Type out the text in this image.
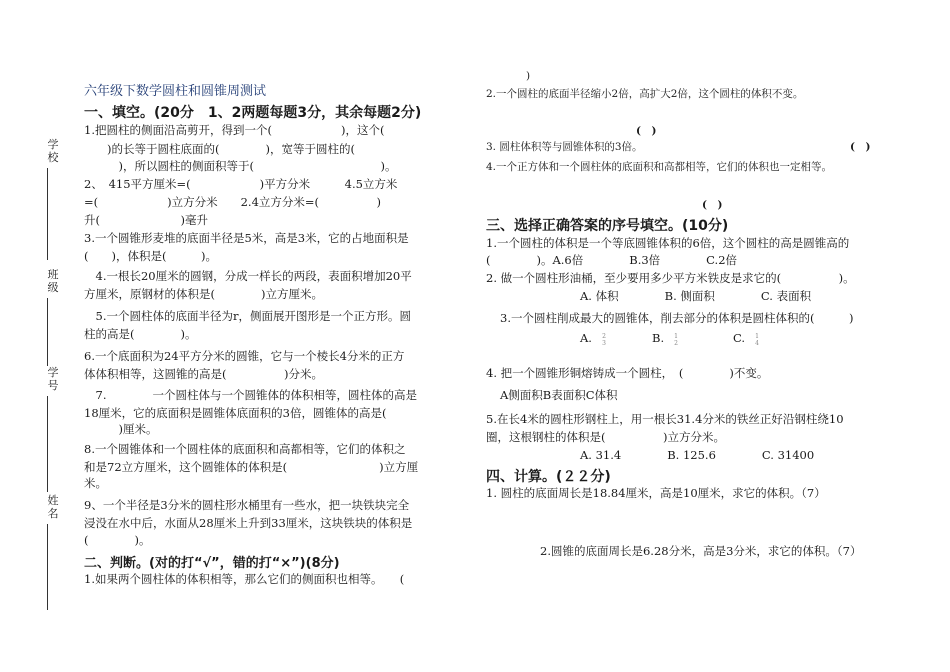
学
校
班
级
学
号
姓
名
六年级下数学圆柱和圆锥周测试
一、填空。(20分　1、2两题每题3分，其余每题2分)
1.把圆柱的侧面沿高剪开，得到一个(　　　　　　)，这个(
　　)的长等于圆柱底面的(　　　　)，宽等于圆柱的(
　　　)，所以圆柱的侧面积等于(　　　　　　　　　　　)。
2、　415平方厘米=(　　　　　　)平方分米　　　4.5立方米
=(　　　　　　)立方分米　　2.4立方分米=(　　　　　)
升(　　　　　　　)毫升
3.一个圆锥形麦堆的底面半径是5米，高是3米，它的占地面积是
(　　)，体积是(　　　)。
　4.一根长20厘米的圆钢，分成一样长的两段，表面积增加20平
方厘米，原钢材的体积是(　　　　)立方厘米。
　5.一个圆柱体的底面半径为r，侧面展开图形是一个正方形。圆
柱的高是(　　　　)。
6.一个底面积为24平方分米的圆锥，它与一个棱长4分米的正方
体体积相等，这圆锥的高是(　　　　　)分米。
　7.　　　　一个圆柱体与一个圆锥体的体积相等，圆柱体的高是
18厘米，它的底面积是圆锥体底面积的3倍，圆锥体的高是(
　　　)厘米。
8.一个圆锥体和一个圆柱体的底面积和高都相等，它们的体积之
和是72立方厘米，这个圆锥体的体积是(　　　　　　　　)立方厘
米。
9、一个半径是3分米的圆柱形水桶里有一些水，把一块铁块完全
浸没在水中后，水面从28厘米上升到33厘米，这块铁块的体积是
(　　　　)。
二、判断。(对的打“√”，错的打“×”)(8分)
1.如果两个圆柱体的体积相等，那么它们的侧面积也相等。　　(
)
2.一个圆柱的底面半径缩小2倍，高扩大2倍，这个圆柱的体积不变。
(　)
3. 圆柱体积等与圆锥体积的3倍。	(　)
4.一个正方体和一个圆柱体的底面积和高都相等，它们的体积也一定相等。
(　)
三、选择正确答案的序号填空。(10分)
1.一个圆柱的体积是一个等底圆锥体积的6倍，这个圆柱的高是圆锥高的
(　　　　)。A.6倍　　　　B.3倍　　　　C.2倍
2. 做一个圆柱形油桶，至少要用多少平方米铁皮是求它的(　　　　　)。
A. 体积　　　　B. 侧面积　　　　C. 表面积
3.一个圆柱削成最大的圆锥体，削去部分的体积是圆柱体积的(　　　)
A.	2
3	B.	1
2	C.	1
4
4. 把一个圆锥形铜熔铸成一个圆柱，　(　　　　)不变。
A侧面积B表面积C体积
5.在长4米的圆柱形钢柱上，用一根长31.4分米的铁丝正好沿钢柱绕10
圈，这根钢柱的体积是(　　　　　)立方分米。
A. 31.4　　　　B. 125.6　　　　C. 31400
四、计算。(２２分)
1. 圆柱的底面周长是18.84厘米，高是10厘米，求它的体积。（7）
2.圆锥的底面周长是6.28分米，高是3分米，求它的体积。（7）
